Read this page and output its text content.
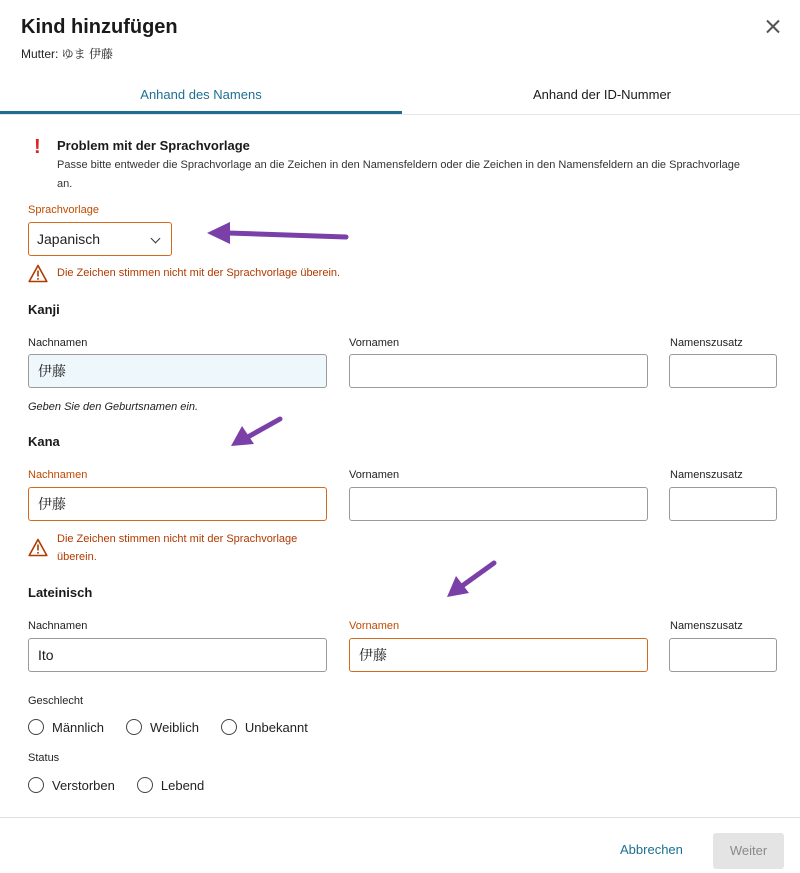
Kind hinzufügen
Mutter: ゆま 伊藤
Anhand des Namens	Anhand der ID-Nummer
! Problem mit der Sprachvorlage
Passe bitte entweder die Sprachvorlage an die Zeichen in den Namensfeldern oder die Zeichen in den Namensfeldern an die Sprachvorlage an.
Sprachvorlage
Japanisch
Die Zeichen stimmen nicht mit der Sprachvorlage überein.
Kanji
Nachnamen	Vornamen	Namenszusatz
伊藤
Geben Sie den Geburtsnamen ein.
Kana
Nachnamen	Vornamen	Namenszusatz
伊藤
Die Zeichen stimmen nicht mit der Sprachvorlage überein.
Lateinisch
Nachnamen	Vornamen	Namenszusatz
Ito	伊藤
Geschlecht
Männlich	Weiblich	Unbekannt
Status
Verstorben	Lebend
Abbrechen	Weiter
